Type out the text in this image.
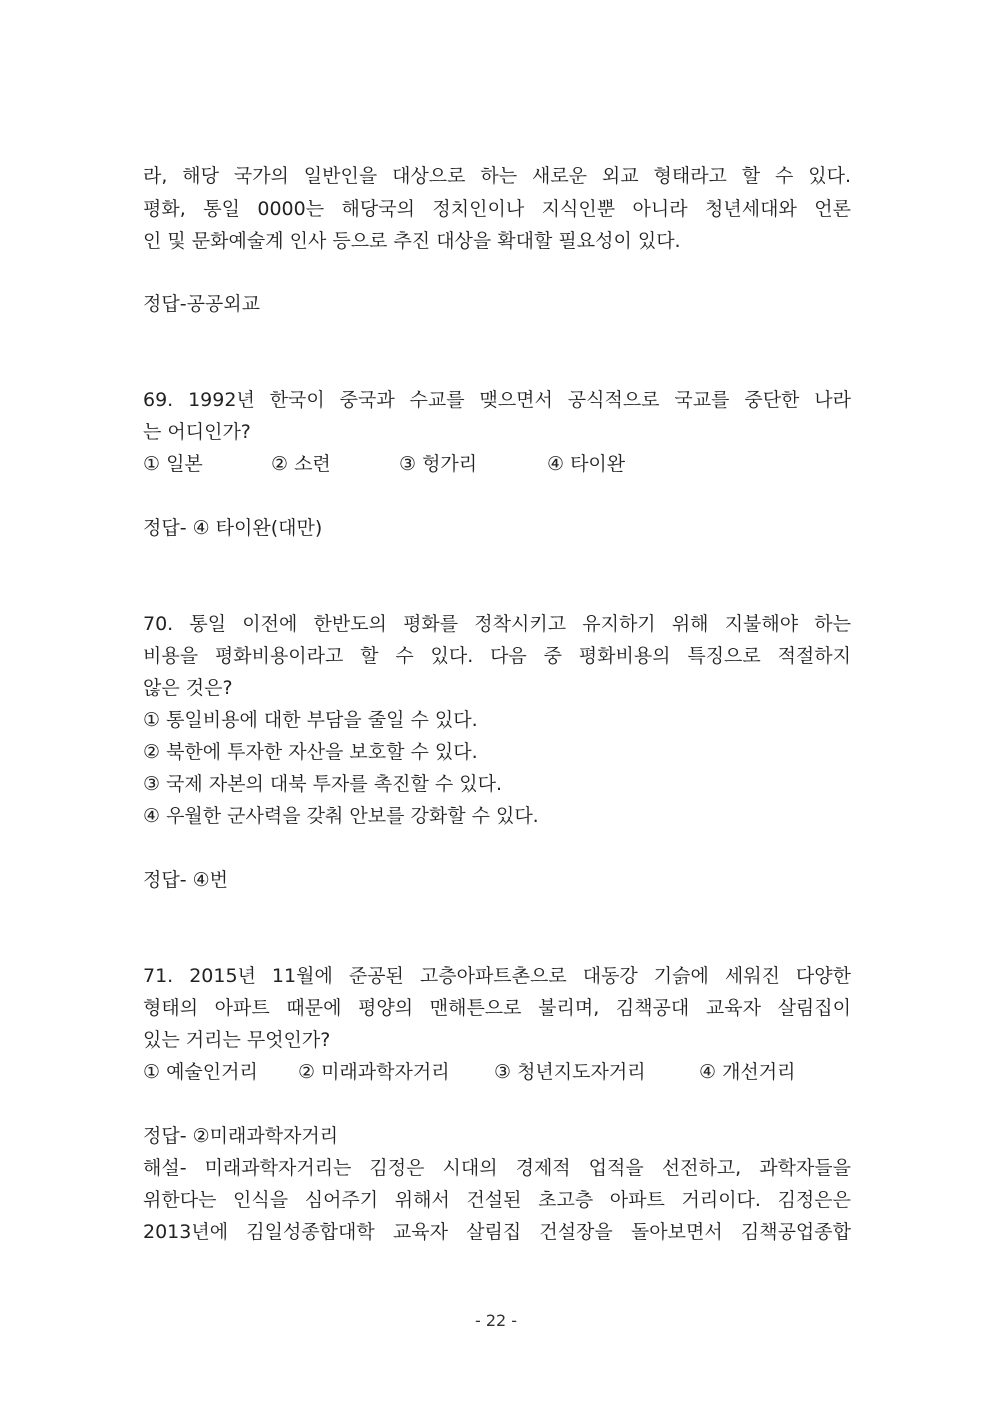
라, 해당 국가의 일반인을 대상으로 하는 새로운 외교 형태라고 할 수 있다.
평화, 통일 0000는 해당국의 정치인이나 지식인뿐 아니라 청년세대와 언론
인 및 문화예술계 인사 등으로 추진 대상을 확대할 필요성이 있다.
정답-공공외교
69. 1992년 한국이 중국과 수교를 맺으면서 공식적으로 국교를 중단한 나라
는 어디인가?
① 일본	② 소련	③ 헝가리	④ 타이완
정답- ④ 타이완(대만)
70. 통일 이전에 한반도의 평화를 정착시키고 유지하기 위해 지불해야 하는
비용을 평화비용이라고 할 수 있다. 다음 중 평화비용의 특징으로 적절하지
않은 것은?
① 통일비용에 대한 부담을 줄일 수 있다.
② 북한에 투자한 자산을 보호할 수 있다.
③ 국제 자본의 대북 투자를 촉진할 수 있다.
④ 우월한 군사력을 갖춰 안보를 강화할 수 있다.
정답- ④번
71. 2015년 11월에 준공된 고층아파트촌으로 대동강 기슭에 세워진 다양한
형태의 아파트 때문에 평양의 맨해튼으로 불리며, 김책공대 교육자 살림집이
있는 거리는 무엇인가?
① 예술인거리	② 미래과학자거리	③ 청년지도자거리	④ 개선거리
정답- ②미래과학자거리
해설- 미래과학자거리는 김정은 시대의 경제적 업적을 선전하고, 과학자들을
위한다는 인식을 심어주기 위해서 건설된 초고층 아파트 거리이다. 김정은은
2013년에 김일성종합대학 교육자 살림집 건설장을 돌아보면서 김책공업종합
- 22 -
